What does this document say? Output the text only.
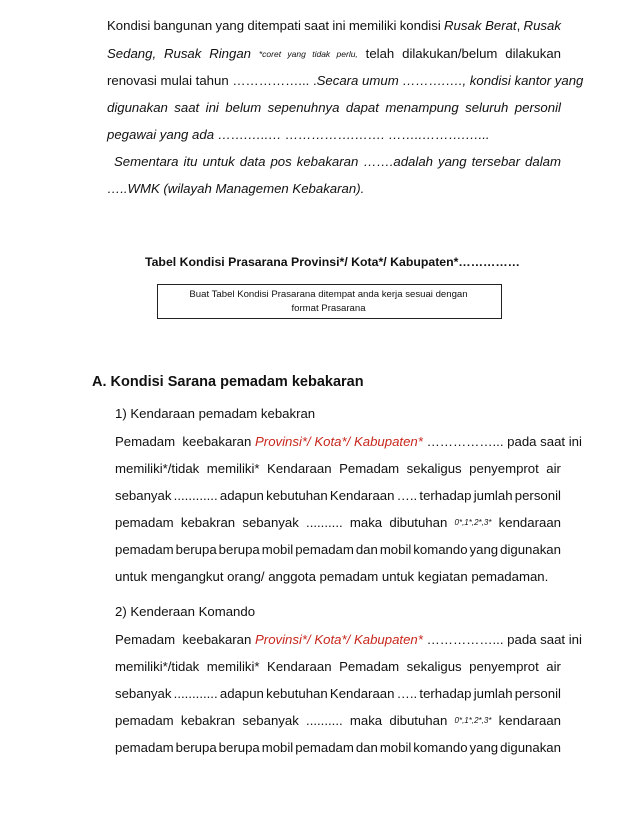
Kondisi bangunan yang ditempati saat ini memiliki kondisi Rusak Berat, Rusak
Sedang, Rusak Ringan *coret yang tidak perlu, telah dilakukan/belum dilakukan
renovasi mulai tahun ……………... . Secara umum ……….…., kondisi kantor yang
digunakan saat ini belum sepenuhnya dapat menampung seluruh personil
pegawai yang ada …….…..… …………….……. ……..……….…...
Sementara itu untuk data pos kebakaran …….adalah yang tersebar dalam
…..WMK (wilayah Managemen Kebakaran).
Tabel Kondisi Prasarana Provinsi*/ Kota*/ Kabupaten*……………
Buat Tabel Kondisi Prasarana ditempat anda kerja sesuai dengan
format Prasarana
A. Kondisi Sarana pemadam kebakaran
1) Kendaraan pemadam kebakran
Pemadam  keebakaran Provinsi*/ Kota*/ Kabupaten* ……………... pada saat ini
memiliki*/tidak memiliki* Kendaraan Pemadam sekaligus penyemprot air
sebanyak ............ adapun kebutuhan Kendaraan ….. terhadap jumlah personil
pemadam kebakran sebanyak .......... maka dibutuhan 0*,1*,2*,3* kendaraan
pemadam berupa berupa mobil pemadam dan mobil komando yang digunakan
untuk mengangkut orang/ anggota pemadam untuk kegiatan pemadaman.
2) Kenderaan Komando
Pemadam  keebakaran Provinsi*/ Kota*/ Kabupaten* ……………... pada saat ini
memiliki*/tidak memiliki* Kendaraan Pemadam sekaligus penyemprot air
sebanyak ............ adapun kebutuhan Kendaraan ….. terhadap jumlah personil
pemadam kebakran sebanyak .......... maka dibutuhan 0*,1*,2*,3* kendaraan
pemadam berupa berupa mobil pemadam dan mobil komando yang digunakan
